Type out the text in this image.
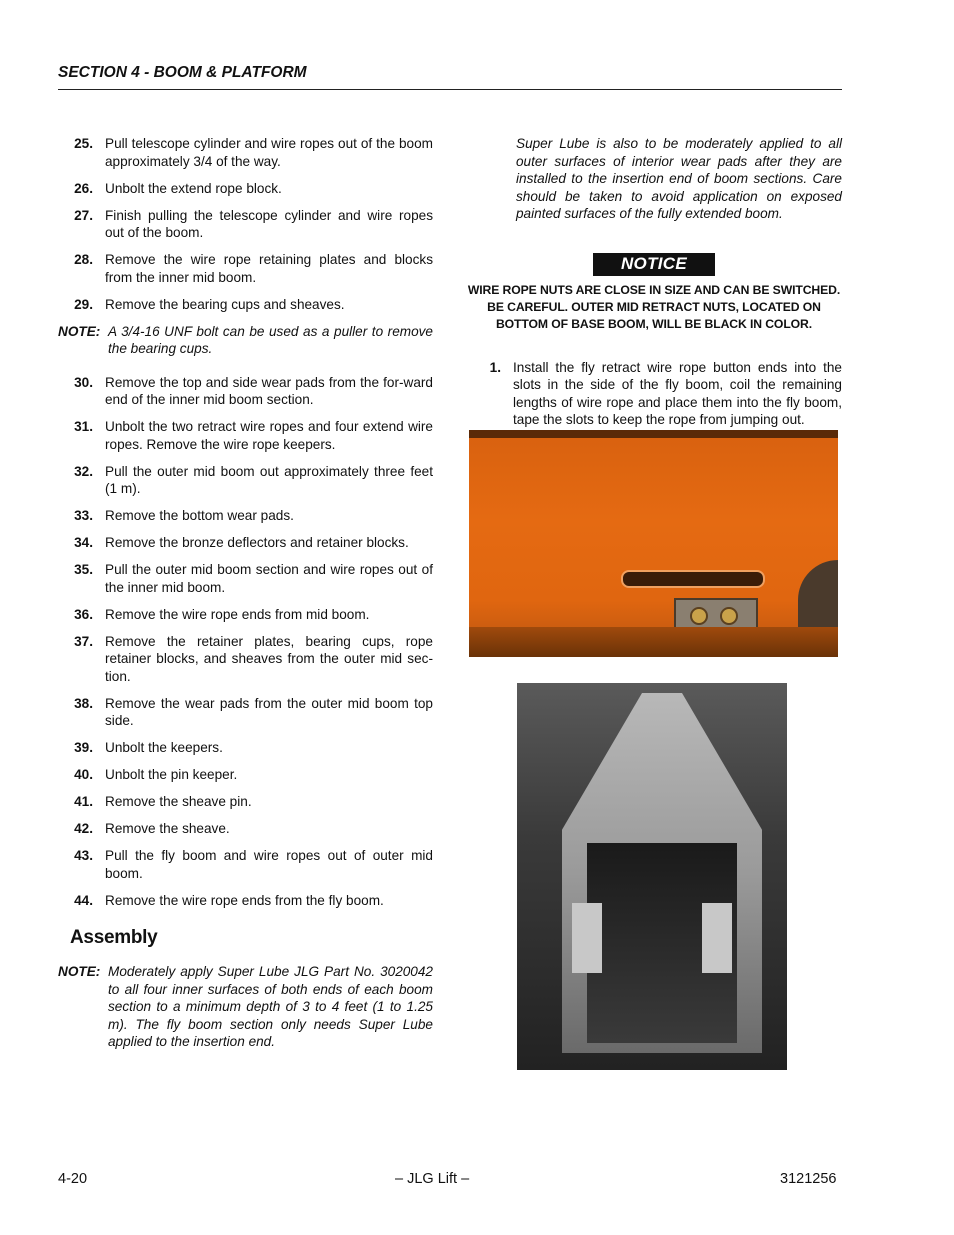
SECTION 4 - BOOM & PLATFORM
25. Pull telescope cylinder and wire ropes out of the boom approximately 3/4 of the way.
26. Unbolt the extend rope block.
27. Finish pulling the telescope cylinder and wire ropes out of the boom.
28. Remove the wire rope retaining plates and blocks from the inner mid boom.
29. Remove the bearing cups and sheaves.
NOTE: A 3/4-16 UNF bolt can be used as a puller to remove the bearing cups.
30. Remove the top and side wear pads from the for-ward end of the inner mid boom section.
31. Unbolt the two retract wire ropes and four extend wire ropes. Remove the wire rope keepers.
32. Pull the outer mid boom out approximately three feet (1 m).
33. Remove the bottom wear pads.
34. Remove the bronze deflectors and retainer blocks.
35. Pull the outer mid boom section and wire ropes out of the inner mid boom.
36. Remove the wire rope ends from mid boom.
37. Remove the retainer plates, bearing cups, rope retainer blocks, and sheaves from the outer mid sec-tion.
38. Remove the wear pads from the outer mid boom top side.
39. Unbolt the keepers.
40. Unbolt the pin keeper.
41. Remove the sheave pin.
42. Remove the sheave.
43. Pull the fly boom and wire ropes out of outer mid boom.
44. Remove the wire rope ends from the fly boom.
Assembly
NOTE: Moderately apply Super Lube JLG Part No. 3020042 to all four inner surfaces of both ends of each boom section to a minimum depth of 3 to 4 feet (1 to 1.25 m). The fly boom section only needs Super Lube applied to the insertion end.
Super Lube is also to be moderately applied to all outer surfaces of interior wear pads after they are installed to the insertion end of boom sections. Care should be taken to avoid application on exposed painted surfaces of the fully extended boom.
NOTICE
WIRE ROPE NUTS ARE CLOSE IN SIZE AND CAN BE SWITCHED. BE CAREFUL. OUTER MID RETRACT NUTS, LOCATED ON BOTTOM OF BASE BOOM, WILL BE BLACK IN COLOR.
1. Install the fly retract wire rope button ends into the slots in the side of the fly boom, coil the remaining lengths of wire rope and place them into the fly boom, tape the slots to keep the rope from jumping out.
4-20	– JLG Lift –	3121256
